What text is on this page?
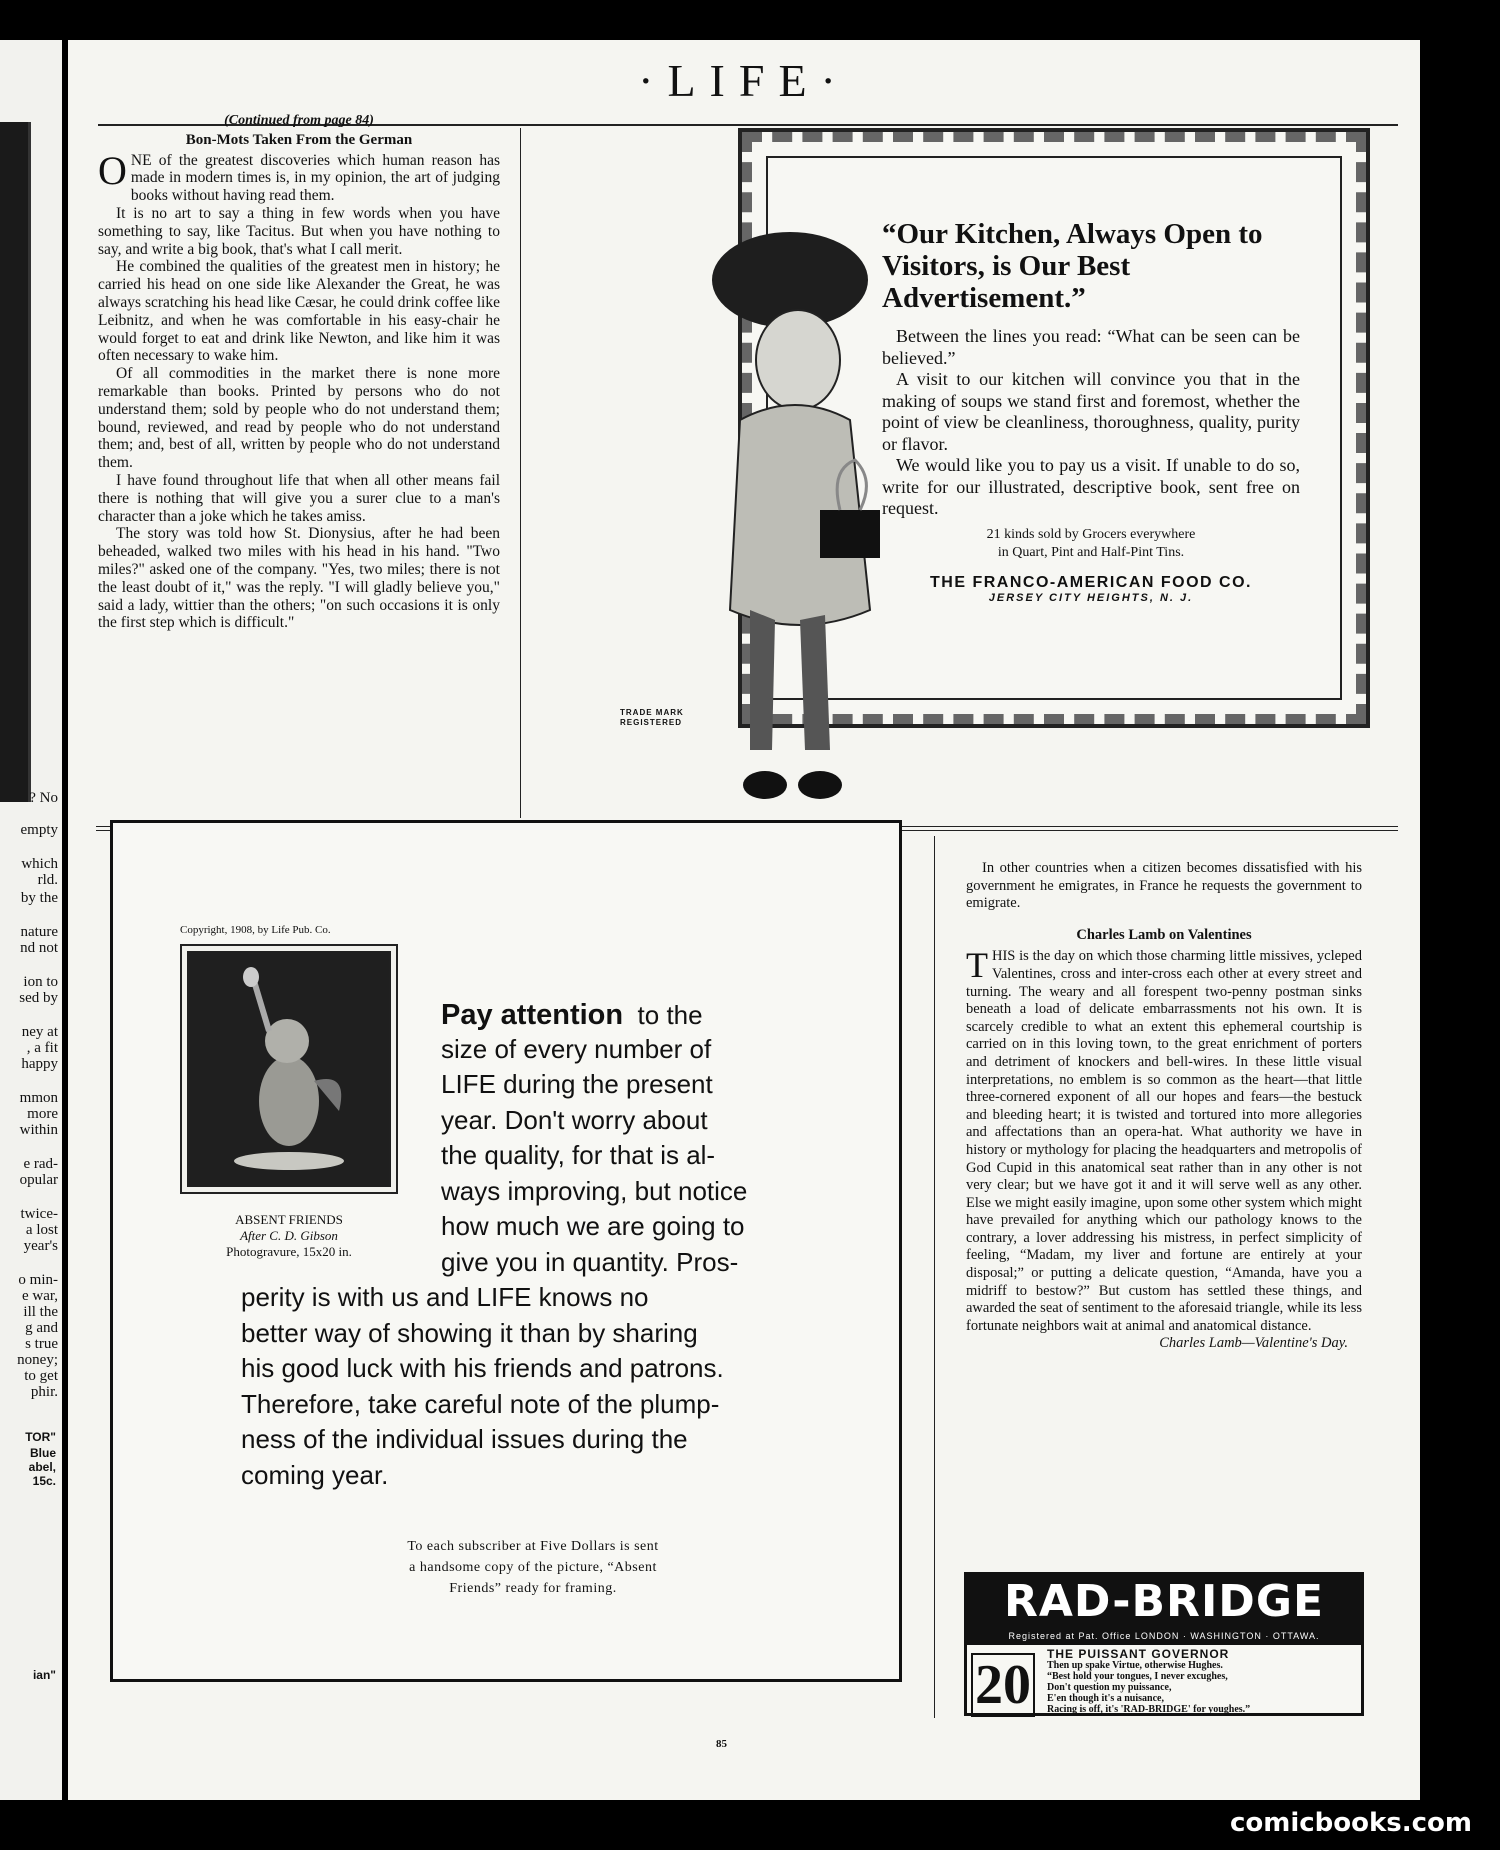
? No
empty
which
rld.
by the
nature
nd not
ion to
sed by
ney at
, a fit
happy
mmon
more
within
e rad-
opular
twice-
a lost
year's
o min-
e war,
ill the
g and
s true
noney;
to get
phir.
TOR"
Blue
abel,
15c.
ian"
·LIFE·
(Continued from page 84)
Bon-Mots Taken From the German

ONE of the greatest discoveries which human reason has made in modern times is, in my opinion, the art of judging books without having read them.

It is no art to say a thing in few words when you have something to say, like Tacitus. But when you have nothing to say, and write a big book, that's what I call merit.

He combined the qualities of the greatest men in history; he carried his head on one side like Alexander the Great, he was always scratching his head like Cæsar, he could drink coffee like Leibnitz, and when he was comfortable in his easy-chair he would forget to eat and drink like Newton, and like him it was often necessary to wake him.

Of all commodities in the market there is none more remarkable than books. Printed by persons who do not understand them; sold by people who do not understand them; bound, reviewed, and read by people who do not understand them; and, best of all, written by people who do not understand them.

I have found throughout life that when all other means fail there is nothing that will give you a surer clue to a man's character than a joke which he takes amiss.

The story was told how St. Dionysius, after he had been beheaded, walked two miles with his head in his hand. "Two miles?" asked one of the company. "Yes, two miles; there is not the least doubt of it," was the reply. "I will gladly believe you," said a lady, wittier than the others; "on such occasions it is only the first step which is difficult."

TRADE MARK
REGISTERED
“Our Kitchen, Always Open to Visitors, is Our Best Advertisement.”

Between the lines you read: “What can be seen can be believed.”

A visit to our kitchen will convince you that in the making of soups we stand first and foremost, whether the point of view be cleanliness, thoroughness, quality, purity or flavor.

We would like you to pay us a visit. If unable to do so, write for our illustrated, descriptive book, sent free on request.

21 kinds sold by Grocers everywhere
in Quart, Pint and Half-Pint Tins.
THE FRANCO-AMERICAN FOOD CO.
JERSEY CITY HEIGHTS, N. J.
Copyright, 1908, by Life Pub. Co.
ABSENT FRIENDS
After C. D. Gibson
Photogravure, 15x20 in.
Pay attention to the
To each subscriber at Five Dollars is sent
a handsome copy of the picture, “Absent
Friends” ready for framing.
85

In other countries when a citizen becomes dissatisfied with his government he emigrates, in France he requests the government to emigrate.

Charles Lamb on Valentines

THIS is the day on which those charming little missives, ycleped Valentines, cross and inter-cross each other at every street and turning. The weary and all forespent two-penny postman sinks beneath a load of delicate embarrassments not his own. It is scarcely credible to what an extent this ephemeral courtship is carried on in this loving town, to the great enrichment of porters and detriment of knockers and bell-wires. In these little visual interpretations, no emblem is so common as the heart—that little three-cornered exponent of all our hopes and fears—the bestuck and bleeding heart; it is twisted and tortured into more allegories and affectations than an opera-hat. What authority we have in history or mythology for placing the headquarters and metropolis of God Cupid in this anatomical seat rather than in any other is not very clear; but we have got it and it will serve well as any other. Else we might easily imagine, upon some other system which might have prevailed for anything which our pathology knows to the contrary, a lover addressing his mistress, in perfect simplicity of feeling, “Madam, my liver and fortune are entirely at your disposal;” or putting a delicate question, “Amanda, have you a midriff to bestow?” But custom has settled these things, and awarded the seat of sentiment to the aforesaid triangle, while its less fortunate neighbors wait at animal and anatomical distance.

Charles Lamb—Valentine's Day.

RAD-BRIDGE
Registered at Pat. Office LONDON · WASHINGTON · OTTAWA.
20	THE PUISSANT GOVERNOR
Then up spake Virtue, otherwise Hughes.
“Best hold your tongues, I never excughes,
Don't question my puissance,
E'en though it's a nuisance,
Racing is off, it's 'RAD-BRIDGE' for youghes.”
size of every number of
LIFE during the present
year. Don't worry about
the quality, for that is al-
ways improving, but notice
how much we are going to
give you in quantity. Pros-
perity is with us and LIFE knows no
better way of showing it than by sharing
his good luck with his friends and patrons.
Therefore, take careful note of the plump-
ness of the individual issues during the
coming year.
comicbooks.com
